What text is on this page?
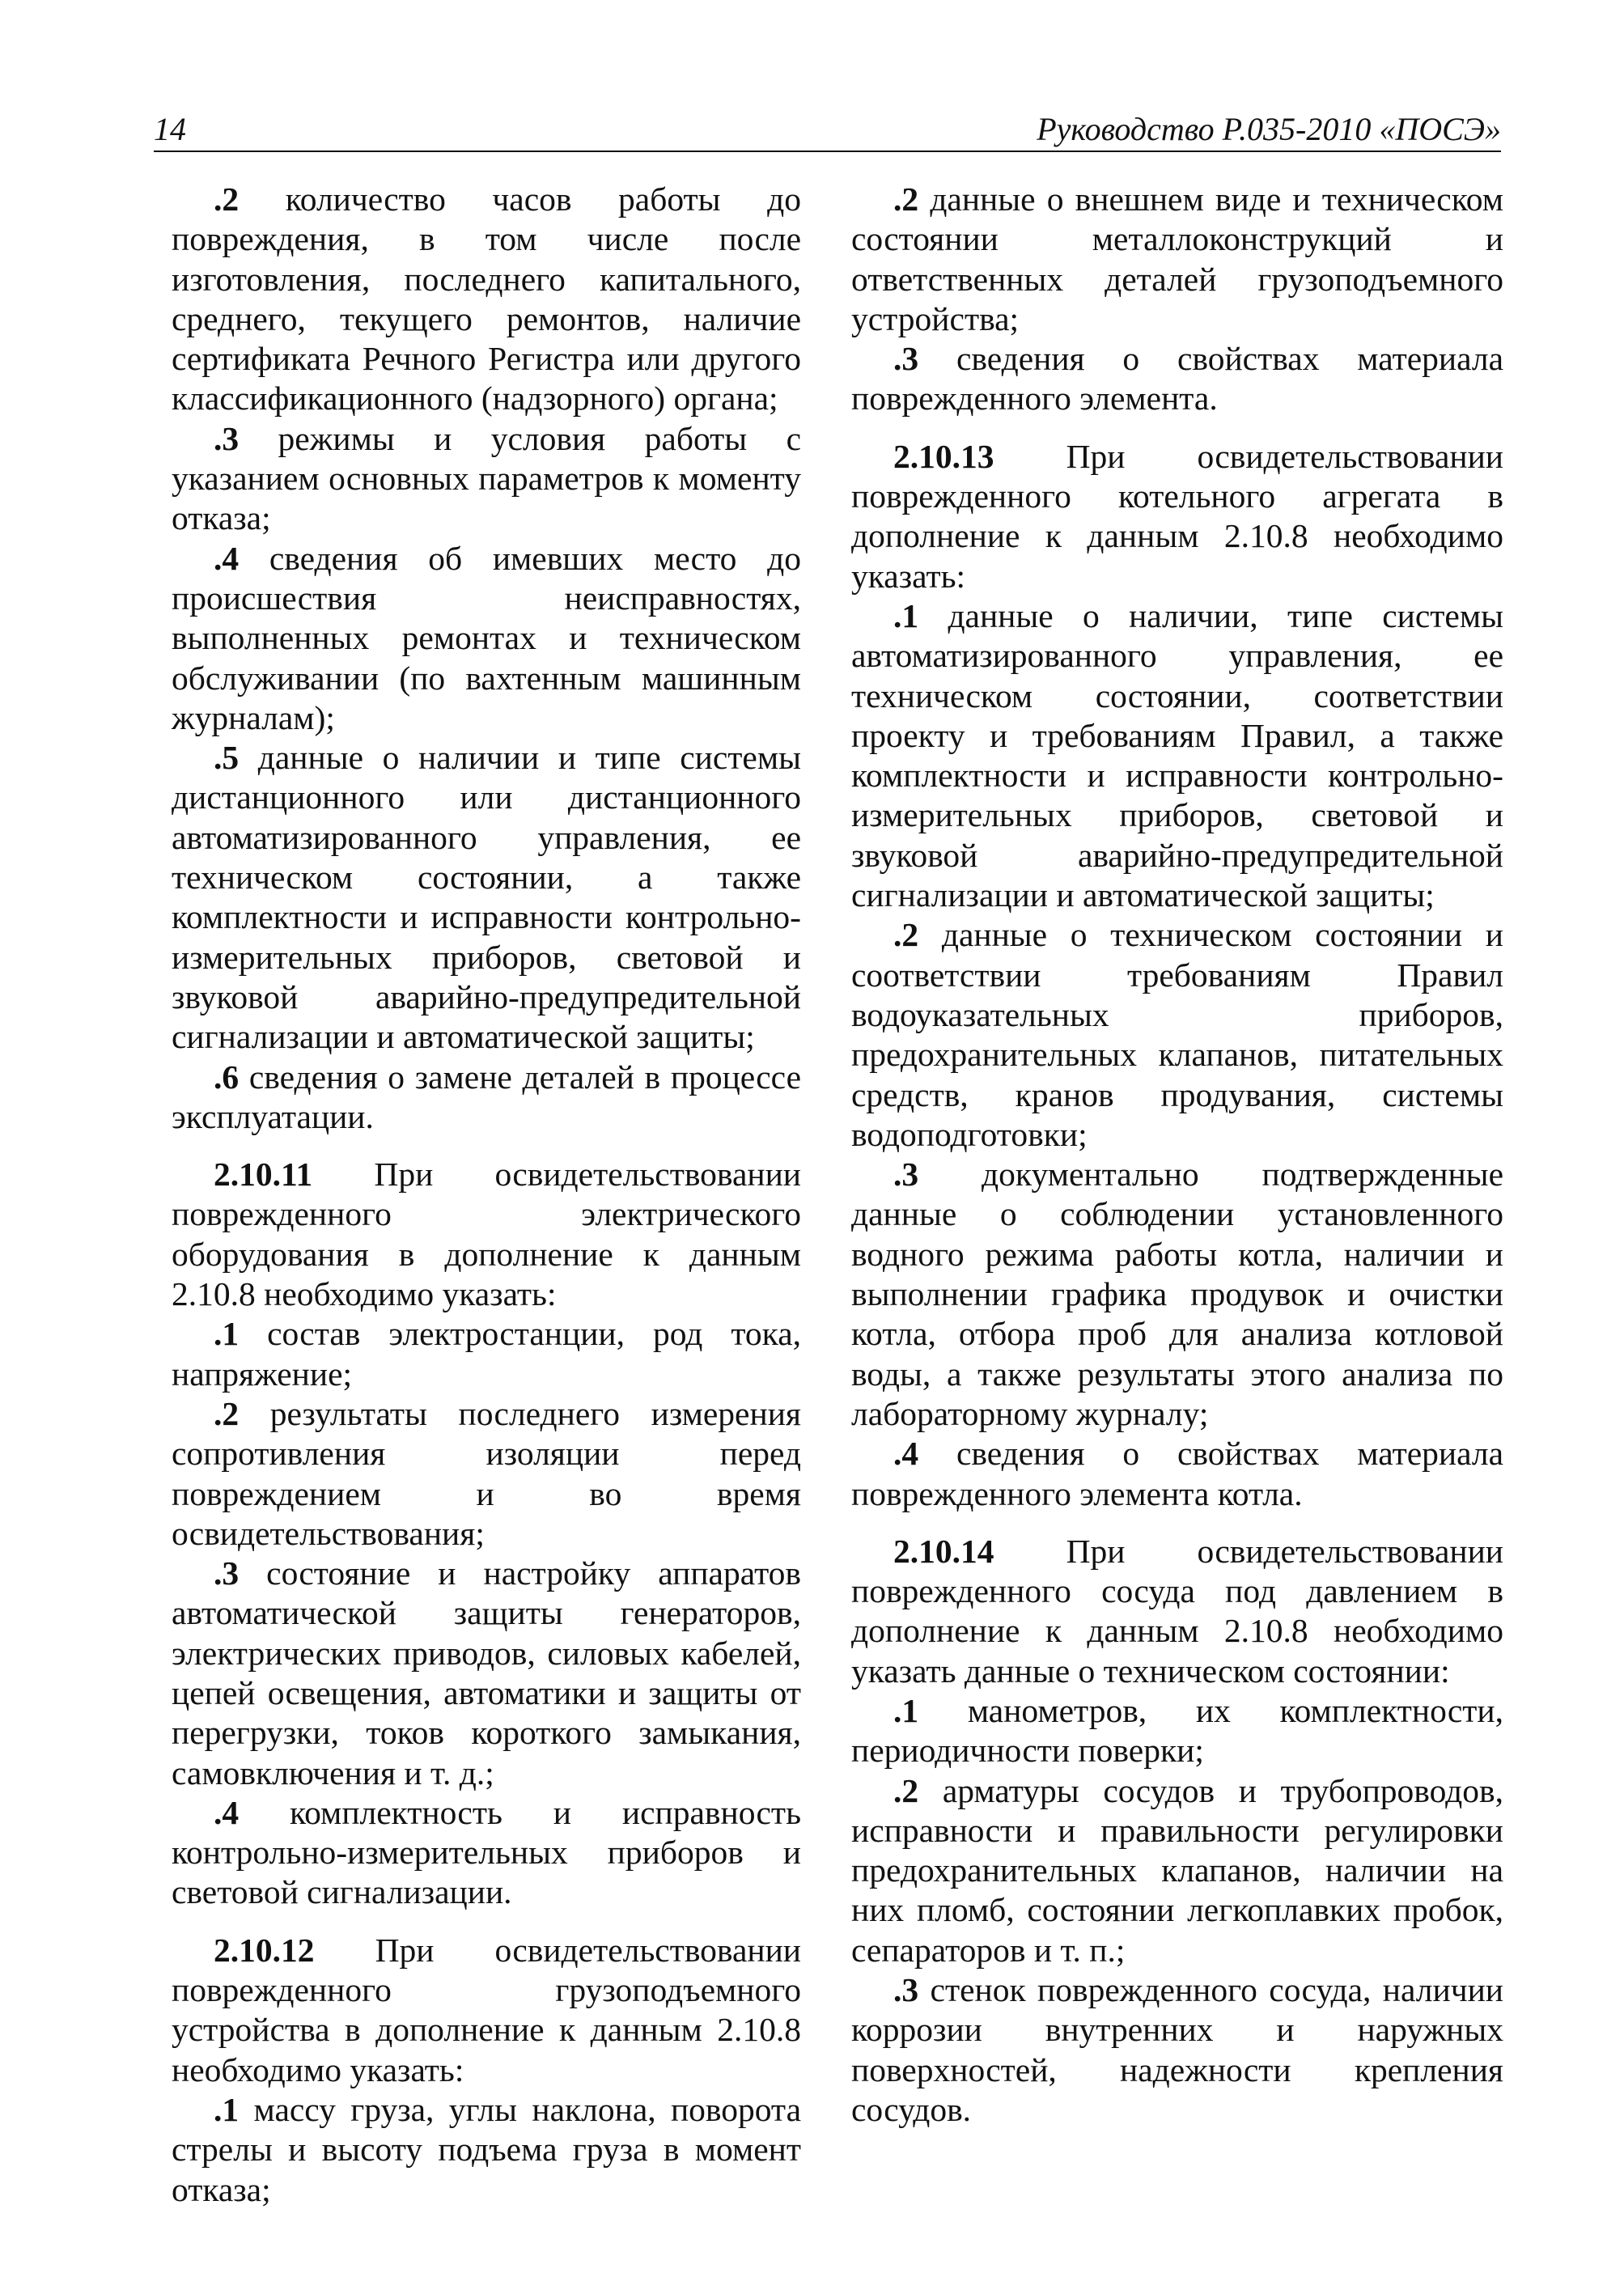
14	Руководство Р.035-2010 «ПОСЭ»

.2 количество часов работы до повреждения, в том числе после изготовления, последнего капитального, среднего, текущего ремонтов, наличие сертификата Речного Регистра или другого классификационного (надзорного) органа;

.3 режимы и условия работы с указанием основных параметров к моменту отказа;

.4 сведения об имевших место до происшествия неисправностях, выполненных ремонтах и техническом обслуживании (по вахтенным машинным журналам);

.5 данные о наличии и типе системы дистанционного или дистанционного автоматизированного управления, ее техническом состоянии, а также комплектности и исправности контрольно-измерительных приборов, световой и звуковой аварийно-предупредительной сигнализации и автоматической защиты;

.6 сведения о замене деталей в процессе эксплуатации.

2.10.11 При освидетельствовании поврежденного электрического оборудования в дополнение к данным 2.10.8 необходимо указать:

.1 состав электростанции, род тока, напряжение;

.2 результаты последнего измерения сопротивления изоляции перед повреждением и во время освидетельствования;

.3 состояние и настройку аппаратов автоматической защиты генераторов, электрических приводов, силовых кабелей, цепей освещения, автоматики и защиты от перегрузки, токов короткого замыкания, самовключения и т. д.;

.4 комплектность и исправность контрольно-измерительных приборов и световой сигнализации.

2.10.12 При освидетельствовании поврежденного грузоподъемного устройства в дополнение к данным 2.10.8 необходимо указать:

.1 массу груза, углы наклона, поворота стрелы и высоту подъема груза в момент отказа;

.2 данные о внешнем виде и техническом состоянии металлоконструкций и ответственных деталей грузоподъемного устройства;

.3 сведения о свойствах материала поврежденного элемента.

2.10.13 При освидетельствовании поврежденного котельного агрегата в дополнение к данным 2.10.8 необходимо указать:

.1 данные о наличии, типе системы автоматизированного управления, ее техническом состоянии, соответствии проекту и требованиям Правил, а также комплектности и исправности контрольно-измерительных приборов, световой и звуковой аварийно-предупредительной сигнализации и автоматической защиты;

.2 данные о техническом состоянии и соответствии требованиям Правил водоуказательных приборов, предохранительных клапанов, питательных средств, кранов продувания, системы водоподготовки;

.3 документально подтвержденные данные о соблюдении установленного водного режима работы котла, наличии и выполнении графика продувок и очистки котла, отбора проб для анализа котловой воды, а также результаты этого анализа по лабораторному журналу;

.4 сведения о свойствах материала поврежденного элемента котла.

2.10.14 При освидетельствовании поврежденного сосуда под давлением в дополнение к данным 2.10.8 необходимо указать данные о техническом состоянии:

.1 манометров, их комплектности, периодичности поверки;

.2 арматуры сосудов и трубопроводов, исправности и правильности регулировки предохранительных клапанов, наличии на них пломб, состоянии легкоплавких пробок, сепараторов и т. п.;

.3 стенок поврежденного сосуда, наличии коррозии внутренних и наружных поверхностей, надежности крепления сосудов.
